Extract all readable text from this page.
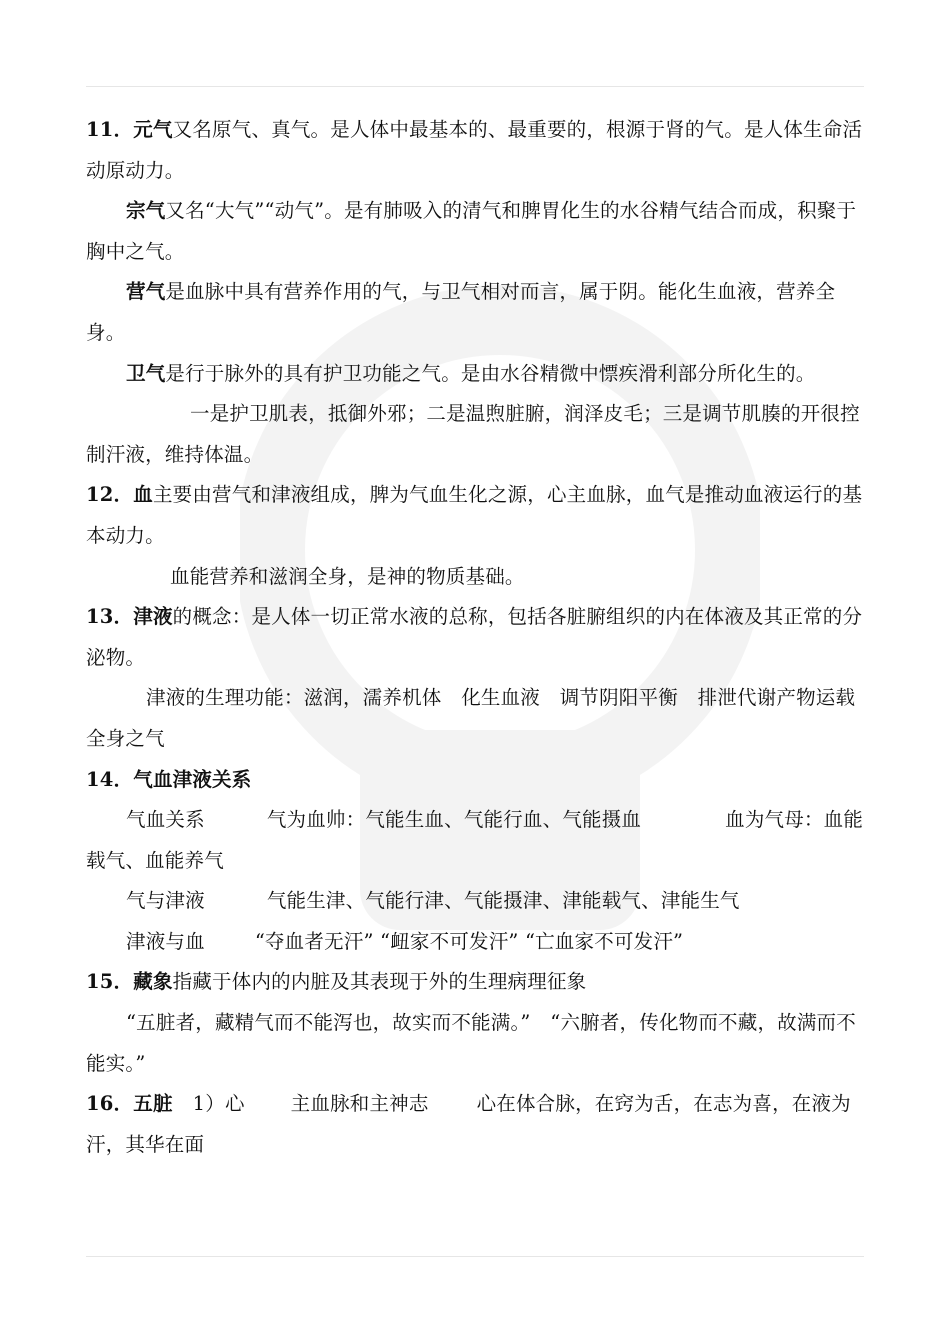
11．元气又名原气、真气。是人体中最基本的、最重要的，根源于肾的气。是人体生命活动原动力。

宗气又名“大气”“动气”。是有肺吸入的清气和脾胃化生的水谷精气结合而成，积聚于胸中之气。

营气是血脉中具有营养作用的气，与卫气相对而言，属于阴。能化生血液，营养全身。

卫气是行于脉外的具有护卫功能之气。是由水谷精微中慓疾滑利部分所化生的。

一是护卫肌表，抵御外邪；二是温煦脏腑，润泽皮毛；三是调节肌腠的开很控制汗液，维持体温。

12．血主要由营气和津液组成，脾为气血生化之源，心主血脉，血气是推动血液运行的基本动力。

血能营养和滋润全身，是神的物质基础。

13．津液的概念：是人体一切正常水液的总称，包括各脏腑组织的内在体液及其正常的分泌物。

津液的生理功能：滋润，濡养机体　化生血液　调节阴阳平衡　排泄代谢产物运载全身之气

14．气血津液关系

气血关系	气为血帅：气能生血、气能行血、气能摄血	血为气母：血能载气、血能养气

气与津液	气能生津、气能行津、气能摄津、津能载气、津能生气

津液与血	“夺血者无汗” “衄家不可发汗” “亡血家不可发汗”

15．藏象指藏于体内的内脏及其表现于外的生理病理征象

“五脏者，藏精气而不能泻也，故实而不能满。”　“六腑者，传化物而不藏，故满而不能实。”

16．五脏 1）心 主血脉和主神志 心在体合脉，在窍为舌，在志为喜，在液为汗，其华在面
